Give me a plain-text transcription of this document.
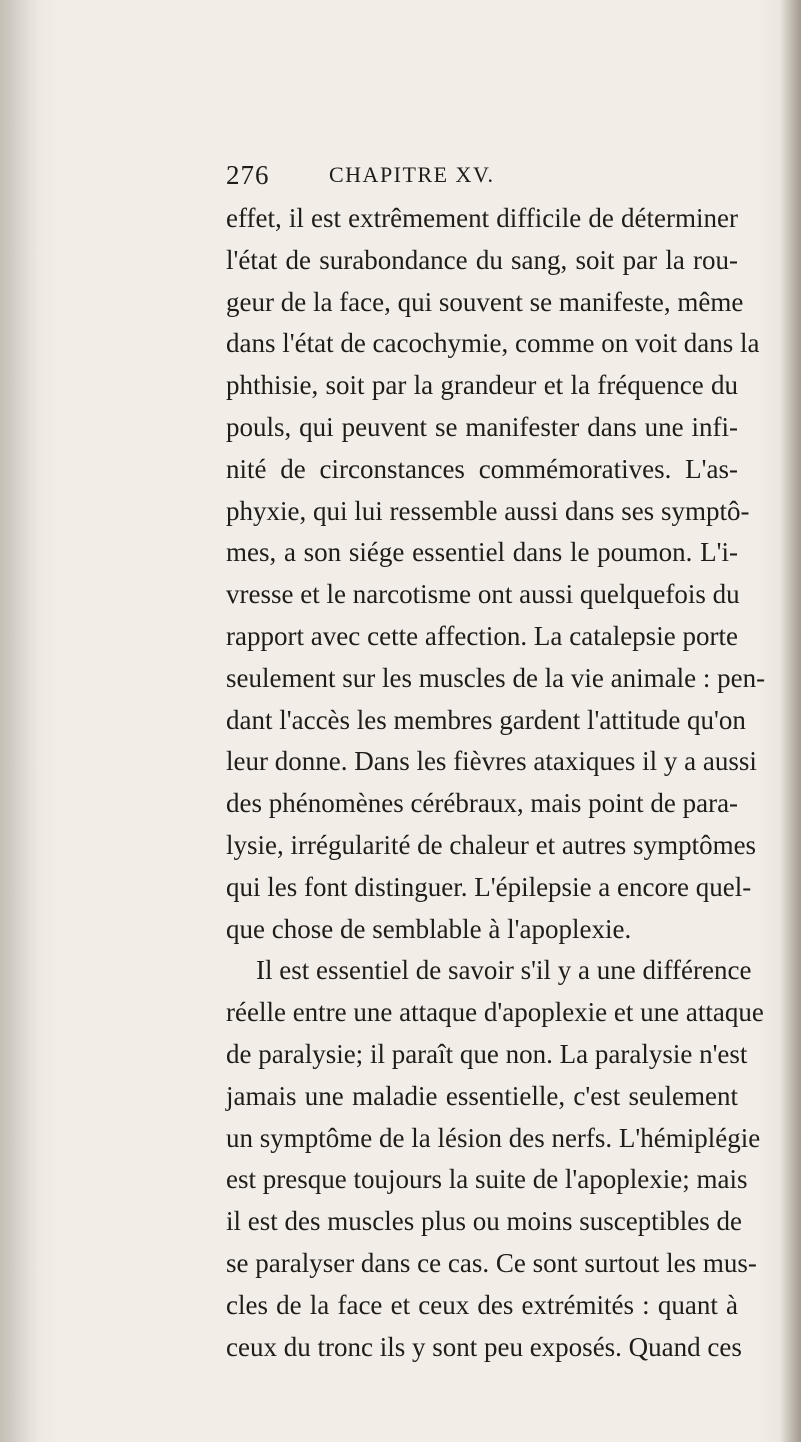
276	CHAPITRE XV.
effet, il est extrêmement difficile de déterminer
l'état de surabondance du sang, soit par la rou-
geur de la face, qui souvent se manifeste, même
dans l'état de cacochymie, comme on voit dans la
phthisie, soit par la grandeur et la fréquence du
pouls, qui peuvent se manifester dans une infi-
nité de circonstances commémoratives. L'as-
phyxie, qui lui ressemble aussi dans ses symptô-
mes, a son siége essentiel dans le poumon. L'i-
vresse et le narcotisme ont aussi quelquefois du
rapport avec cette affection. La catalepsie porte
seulement sur les muscles de la vie animale : pen-
dant l'accès les membres gardent l'attitude qu'on
leur donne. Dans les fièvres ataxiques il y a aussi
des phénomènes cérébraux, mais point de para-
lysie, irrégularité de chaleur et autres symptômes
qui les font distinguer. L'épilepsie a encore quel-
que chose de semblable à l'apoplexie.
Il est essentiel de savoir s'il y a une différence
réelle entre une attaque d'apoplexie et une attaque
de paralysie; il paraît que non. La paralysie n'est
jamais une maladie essentielle, c'est seulement
un symptôme de la lésion des nerfs. L'hémiplégie
est presque toujours la suite de l'apoplexie; mais
il est des muscles plus ou moins susceptibles de
se paralyser dans ce cas. Ce sont surtout les mus-
cles de la face et ceux des extrémités : quant à
ceux du tronc ils y sont peu exposés. Quand ces
